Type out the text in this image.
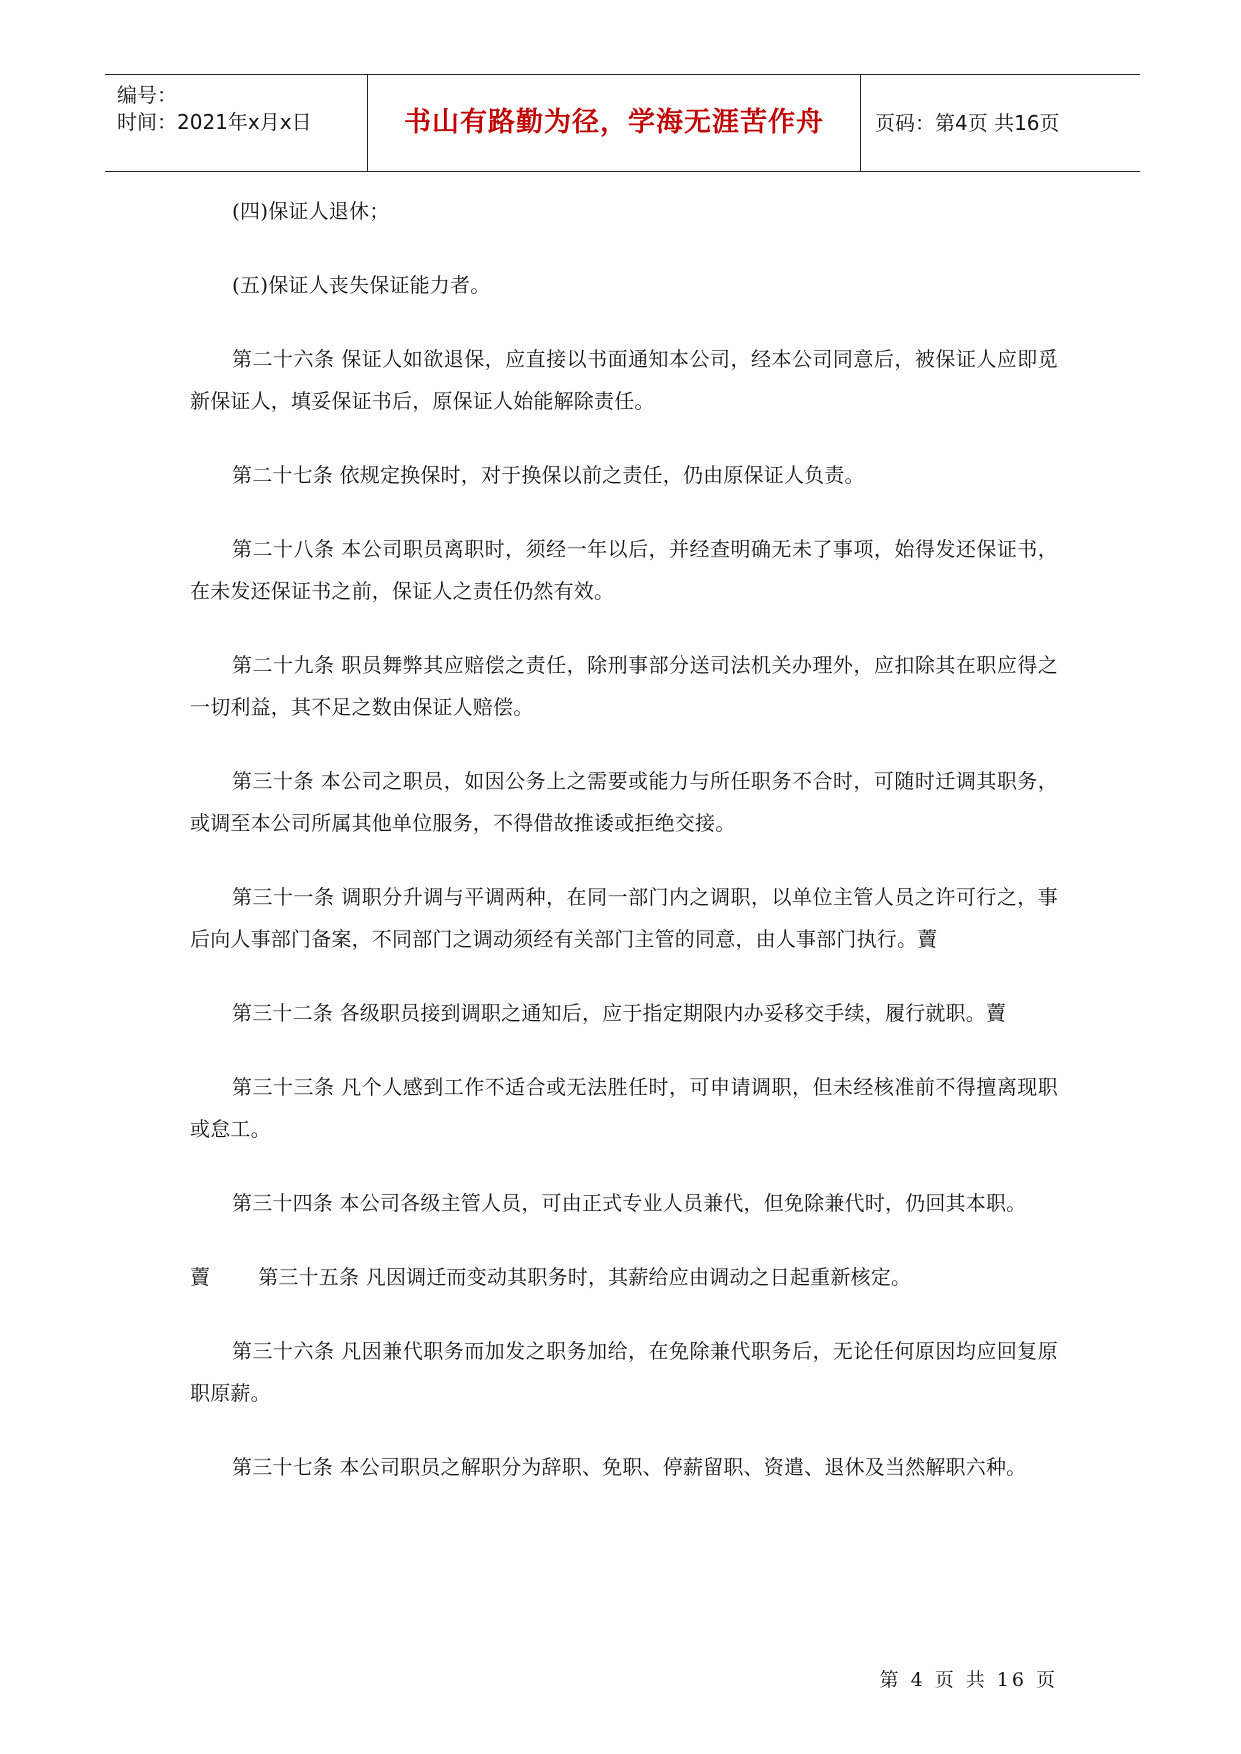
编号：
时间：2021年x月x日	书山有路勤为径，学海无涯苦作舟	页码：第4页 共16页

(四)保证人退休；

(五)保证人丧失保证能力者。

第二十六条 保证人如欲退保，应直接以书面通知本公司，经本公司同意后，被保证人应即觅新保证人，填妥保证书后，原保证人始能解除责任。

第二十七条 依规定换保时，对于换保以前之责任，仍由原保证人负责。

第二十八条 本公司职员离职时，须经一年以后，并经查明确无未了事项，始得发还保证书，在未发还保证书之前，保证人之责任仍然有效。

第二十九条 职员舞弊其应赔偿之责任，除刑事部分送司法机关办理外，应扣除其在职应得之一切利益，其不足之数由保证人赔偿。

第三十条 本公司之职员，如因公务上之需要或能力与所任职务不合时，可随时迁调其职务，或调至本公司所属其他单位服务，不得借故推诿或拒绝交接。

第三十一条 调职分升调与平调两种，在同一部门内之调职，以单位主管人员之许可行之，事后向人事部门备案，不同部门之调动须经有关部门主管的同意，由人事部门执行。藚

第三十二条 各级职员接到调职之通知后，应于指定期限内办妥移交手续，履行就职。藚

第三十三条 凡个人感到工作不适合或无法胜任时，可申请调职，但未经核准前不得擅离现职或怠工。

第三十四条 本公司各级主管人员，可由正式专业人员兼代，但免除兼代时，仍回其本职。

藚 第三十五条 凡因调迁而变动其职务时，其薪给应由调动之日起重新核定。

第三十六条 凡因兼代职务而加发之职务加给，在免除兼代职务后，无论任何原因均应回复原职原薪。

第三十七条 本公司职员之解职分为辞职、免职、停薪留职、资遣、退休及当然解职六种。

第 4 页 共 16 页
